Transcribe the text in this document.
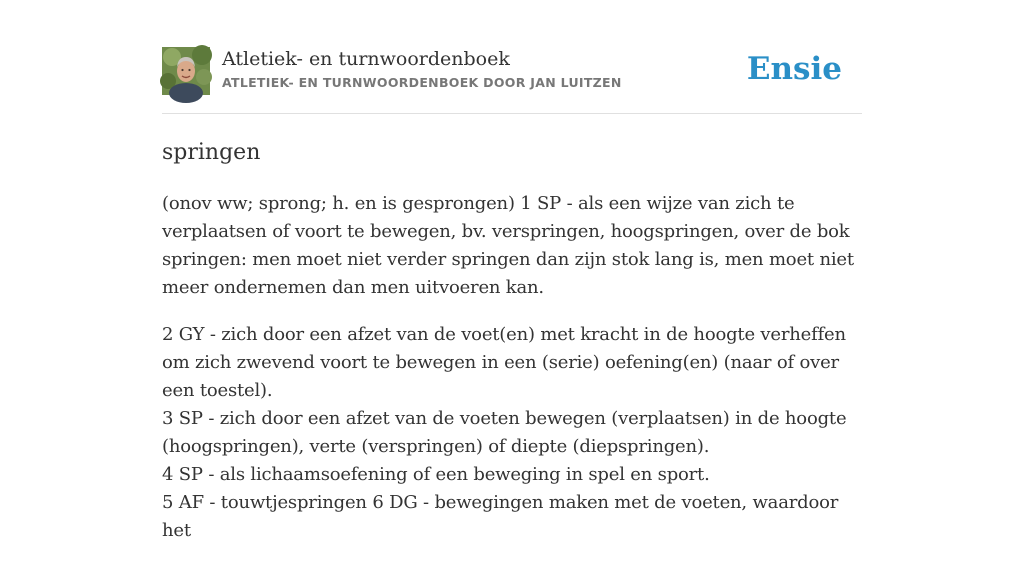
Atletiek- en turnwoordenboek
ATLETIEK- EN TURNWOORDENBOEK DOOR JAN LUITZEN	Ensie
springen

(onov ww; sprong; h. en is gesprongen) 1 SP - als een wijze van zich te verplaatsen of voort te bewegen, bv. verspringen, hoogspringen, over de bok springen: men moet niet verder springen dan zijn stok lang is, men moet niet meer ondernemen dan men uitvoeren kan.

2 GY - zich door een afzet van de voet(en) met kracht in de hoogte verheffen om zich zwevend voort te bewegen in een (serie) oefening(en) (naar of over een toestel).
3 SP - zich door een afzet van de voeten bewegen (verplaatsen) in de hoogte (hoogspringen), verte (verspringen) of diepte (diepspringen).
4 SP - als lichaamsoefening of een beweging in spel en sport.
5 AF - touwtjespringen 6 DG - bewegingen maken met de voeten, waardoor het
